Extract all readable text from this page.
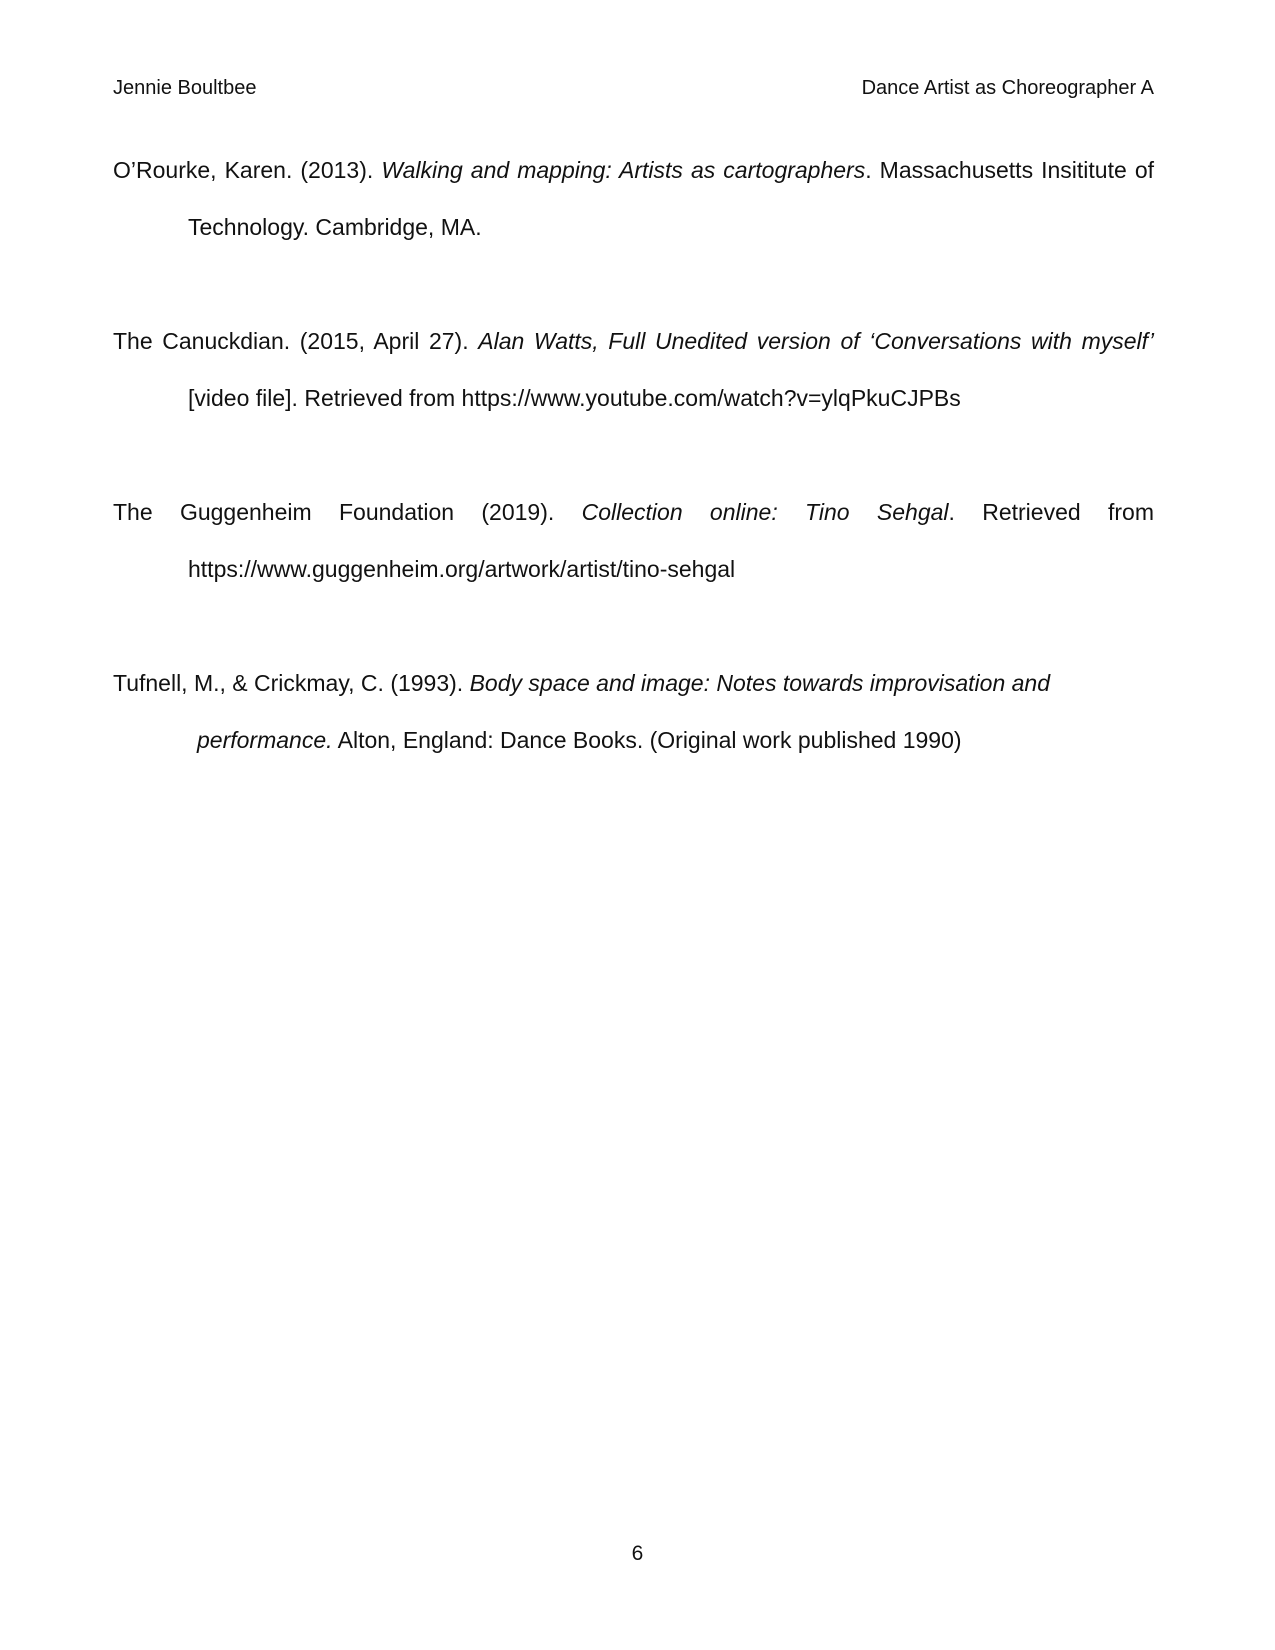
Jennie Boultbee	Dance Artist as Choreographer A

O’Rourke, Karen. (2013). Walking and mapping: Artists as cartographers. Massachusetts Insititute of Technology. Cambridge, MA.

The Canuckdian. (2015, April 27). Alan Watts, Full Unedited version of ‘Conversations with myself’ [video file]. Retrieved from https://www.youtube.com/watch?v=ylqPkuCJPBs

The Guggenheim Foundation (2019). Collection online: Tino Sehgal. Retrieved from https://www.guggenheim.org/artwork/artist/tino-sehgal

Tufnell, M., & Crickmay, C. (1993). Body space and image: Notes towards improvisation and
performance. Alton, England: Dance Books. (Original work published 1990)

6
